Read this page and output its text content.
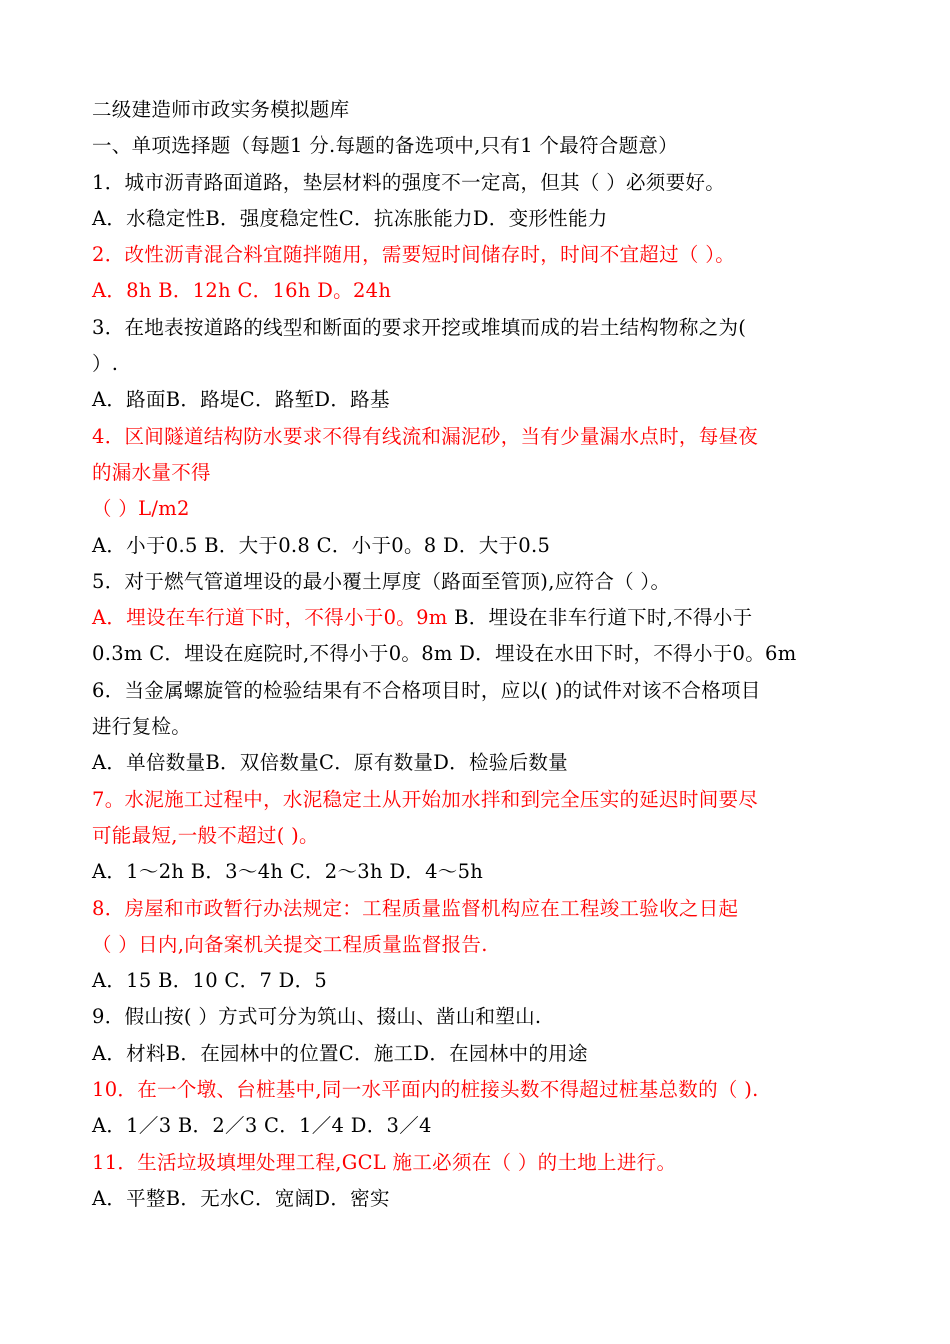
二级建造师市政实务模拟题库
一、单项选择题（每题1 分.每题的备选项中,只有1 个最符合题意）
1．城市沥青路面道路，垫层材料的强度不一定高，但其（ ）必须要好。
A．水稳定性B．强度稳定性C．抗冻胀能力D．变形性能力
2．改性沥青混合料宜随拌随用，需要短时间储存时，时间不宜超过（ ）。
A．8h B．12h C．16h D。24h
3．在地表按道路的线型和断面的要求开挖或堆填而成的岩土结构物称之为(
）.
A．路面B．路堤C．路堑D．路基
4．区间隧道结构防水要求不得有线流和漏泥砂，当有少量漏水点时，每昼夜
的漏水量不得
（ ）L/m2
A．小于0.5 B．大于0.8 C．小于0。8 D．大于0.5
5．对于燃气管道埋设的最小覆土厚度（路面至管顶),应符合（ ）。
A．埋设在车行道下时，不得小于0。9m B．埋设在非车行道下时,不得小于
0.3m C．埋设在庭院时,不得小于0。8m D．埋设在水田下时，不得小于0。6m
6．当金属螺旋管的检验结果有不合格项目时，应以( )的试件对该不合格项目
进行复检。
A．单倍数量B．双倍数量C．原有数量D．检验后数量
7。水泥施工过程中，水泥稳定土从开始加水拌和到完全压实的延迟时间要尽
可能最短,一般不超过( )。
A．1～2h B．3～4h C．2～3h D．4～5h
8．房屋和市政暂行办法规定：工程质量监督机构应在工程竣工验收之日起
（ ）日内,向备案机关提交工程质量监督报告.
A．15 B．10 C．7 D．5
9．假山按( ）方式可分为筑山、掇山、凿山和塑山.
A．材料B．在园林中的位置C．施工D．在园林中的用途
10．在一个墩、台桩基中,同一水平面内的桩接头数不得超过桩基总数的（ ).
A．1／3 B．2／3 C．1／4 D．3／4
11．生活垃圾填埋处理工程,GCL 施工必须在（ ）的土地上进行。
A．平整B．无水C．宽阔D．密实
